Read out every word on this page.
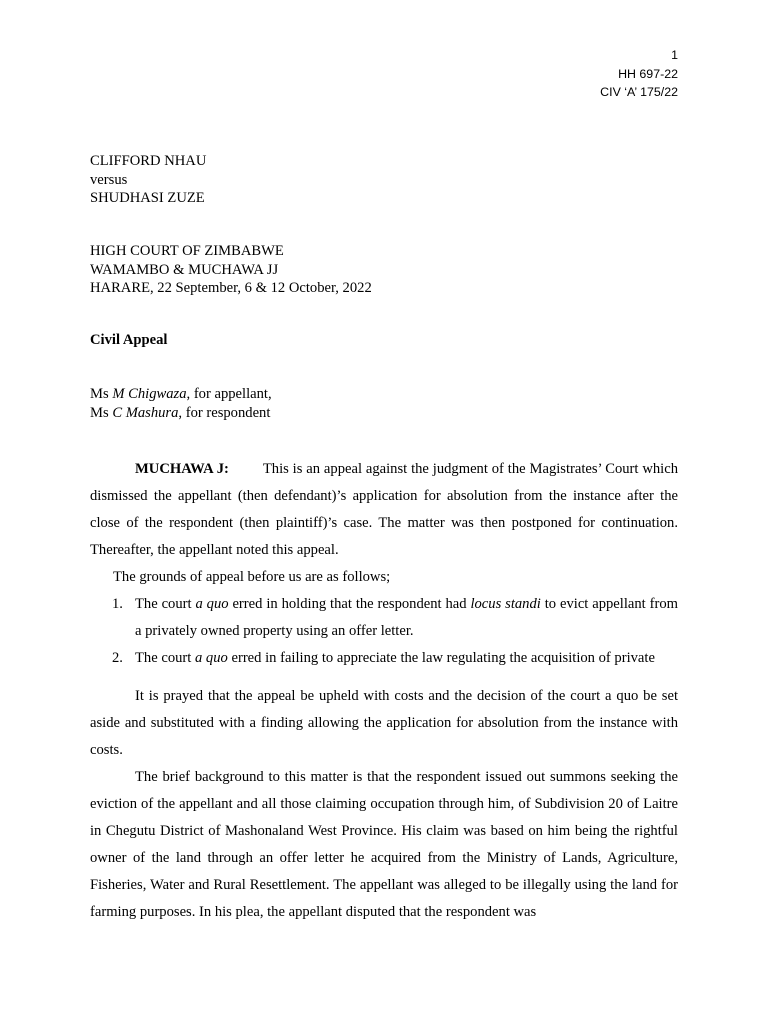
1
HH 697-22
CIV ‘A’ 175/22
CLIFFORD NHAU
versus
SHUDHASI ZUZE
HIGH COURT OF ZIMBABWE
WAMAMBO & MUCHAWA JJ
HARARE, 22 September, 6 & 12 October, 2022
Civil Appeal
Ms M Chigwaza, for appellant,
Ms C Mashura, for respondent

MUCHAWA J: This is an appeal against the judgment of the Magistrates’ Court which dismissed the appellant (then defendant)’s application for absolution from the instance after the close of the respondent (then plaintiff)’s case. The matter was then postponed for continuation. Thereafter, the appellant noted this appeal.

The grounds of appeal before us are as follows;

1. The court a quo erred in holding that the respondent had locus standi to evict appellant from a privately owned property using an offer letter.
2. The court a quo erred in failing to appreciate the law regulating the acquisition of private

It is prayed that the appeal be upheld with costs and the decision of the court a quo be set aside and substituted with a finding allowing the application for absolution from the instance with costs.

The brief background to this matter is that the respondent issued out summons seeking the eviction of the appellant and all those claiming occupation through him, of Subdivision 20 of Laitre in Chegutu District of Mashonaland West Province. His claim was based on him being the rightful owner of the land through an offer letter he acquired from the Ministry of Lands, Agriculture, Fisheries, Water and Rural Resettlement. The appellant was alleged to be illegally using the land for farming purposes. In his plea, the appellant disputed that the respondent was
